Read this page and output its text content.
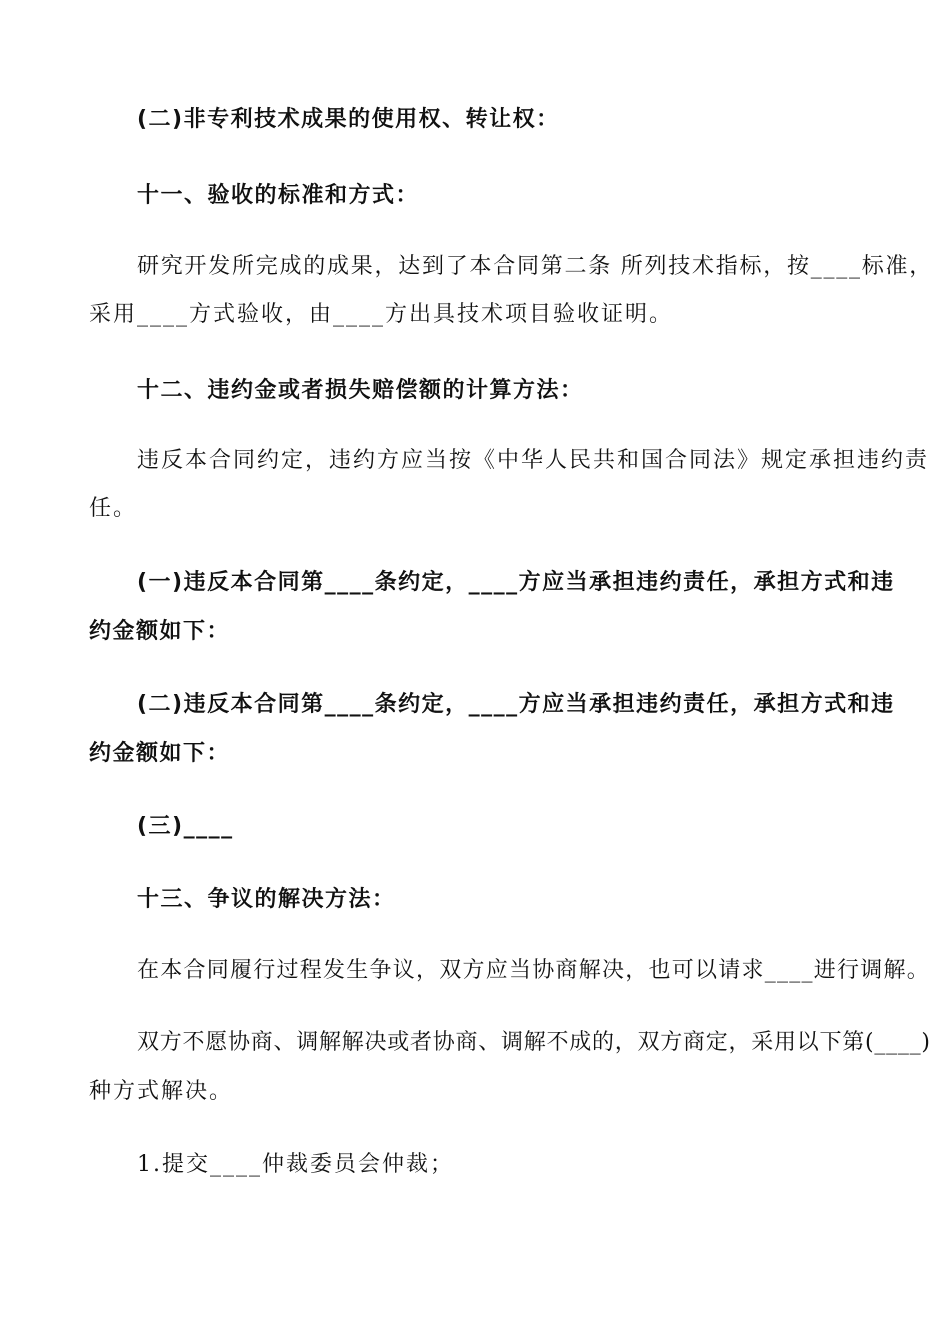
(二)非专利技术成果的使用权、转让权：
十一、验收的标准和方式：
研究开发所完成的成果，达到了本合同第二条 所列技术指标，按____标准，
采用____方式验收，由____方出具技术项目验收证明。
十二、违约金或者损失赔偿额的计算方法：
违反本合同约定，违约方应当按《中华人民共和国合同法》规定承担违约责
任。
(一)违反本合同第____条约定，____方应当承担违约责任，承担方式和违
约金额如下：
(二)违反本合同第____条约定，____方应当承担违约责任，承担方式和违
约金额如下：
(三)____
十三、争议的解决方法：
在本合同履行过程发生争议，双方应当协商解决，也可以请求____进行调解。
双方不愿协商、调解解决或者协商、调解不成的，双方商定，采用以下第(____)
种方式解决。
1.提交____仲裁委员会仲裁；
